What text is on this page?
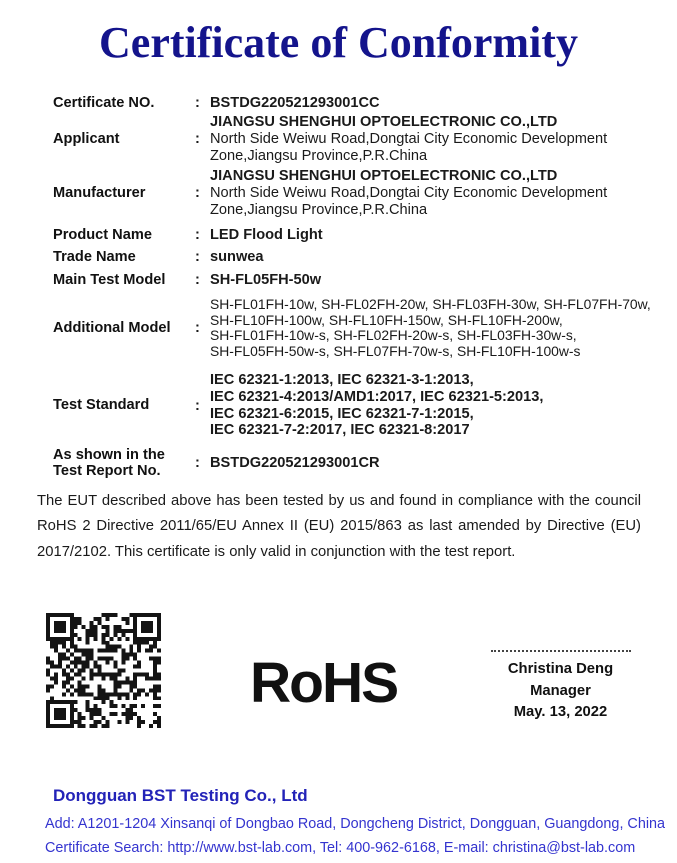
Certificate of Conformity
Certificate NO.	: BSTDG220521293001CC
Applicant	:
JIANGSU SHENGHUI OPTOELECTRONIC CO.,LTD
North Side Weiwu Road,Dongtai City Economic Development
Zone,Jiangsu Province,P.R.China
Manufacturer	:
JIANGSU SHENGHUI OPTOELECTRONIC CO.,LTD
North Side Weiwu Road,Dongtai City Economic Development
Zone,Jiangsu Province,P.R.China
Product Name	: LED Flood Light
Trade Name	: sunwea
Main Test Model	: SH-FL05FH-50w
Additional Model	:
SH-FL01FH-10w, SH-FL02FH-20w, SH-FL03FH-30w, SH-FL07FH-70w,
SH-FL10FH-100w, SH-FL10FH-150w, SH-FL10FH-200w,
SH-FL01FH-10w-s, SH-FL02FH-20w-s, SH-FL03FH-30w-s,
SH-FL05FH-50w-s, SH-FL07FH-70w-s, SH-FL10FH-100w-s
Test Standard	:
IEC 62321-1:2013, IEC 62321-3-1:2013,
IEC 62321-4:2013/AMD1:2017, IEC 62321-5:2013,
IEC 62321-6:2015, IEC 62321-7-1:2015,
IEC 62321-7-2:2017, IEC 62321-8:2017
As shown in the
Test Report No.	: BSTDG220521293001CR

The EUT described above has been tested by us and found in compliance with the council RoHS 2 Directive 2011/65/EU Annex II (EU) 2015/863 as last amended by Directive (EU) 2017/2102. This certificate is only valid in conjunction with the test report.

RoHS	Christina Deng
Manager
May. 13, 2022
Dongguan BST Testing Co., Ltd
Add: A1201-1204 Xinsanqi of Dongbao Road, Dongcheng District, Dongguan, Guangdong, China
Certificate Search: http://www.bst-lab.com, Tel: 400-962-6168, E-mail: christina@bst-lab.com
